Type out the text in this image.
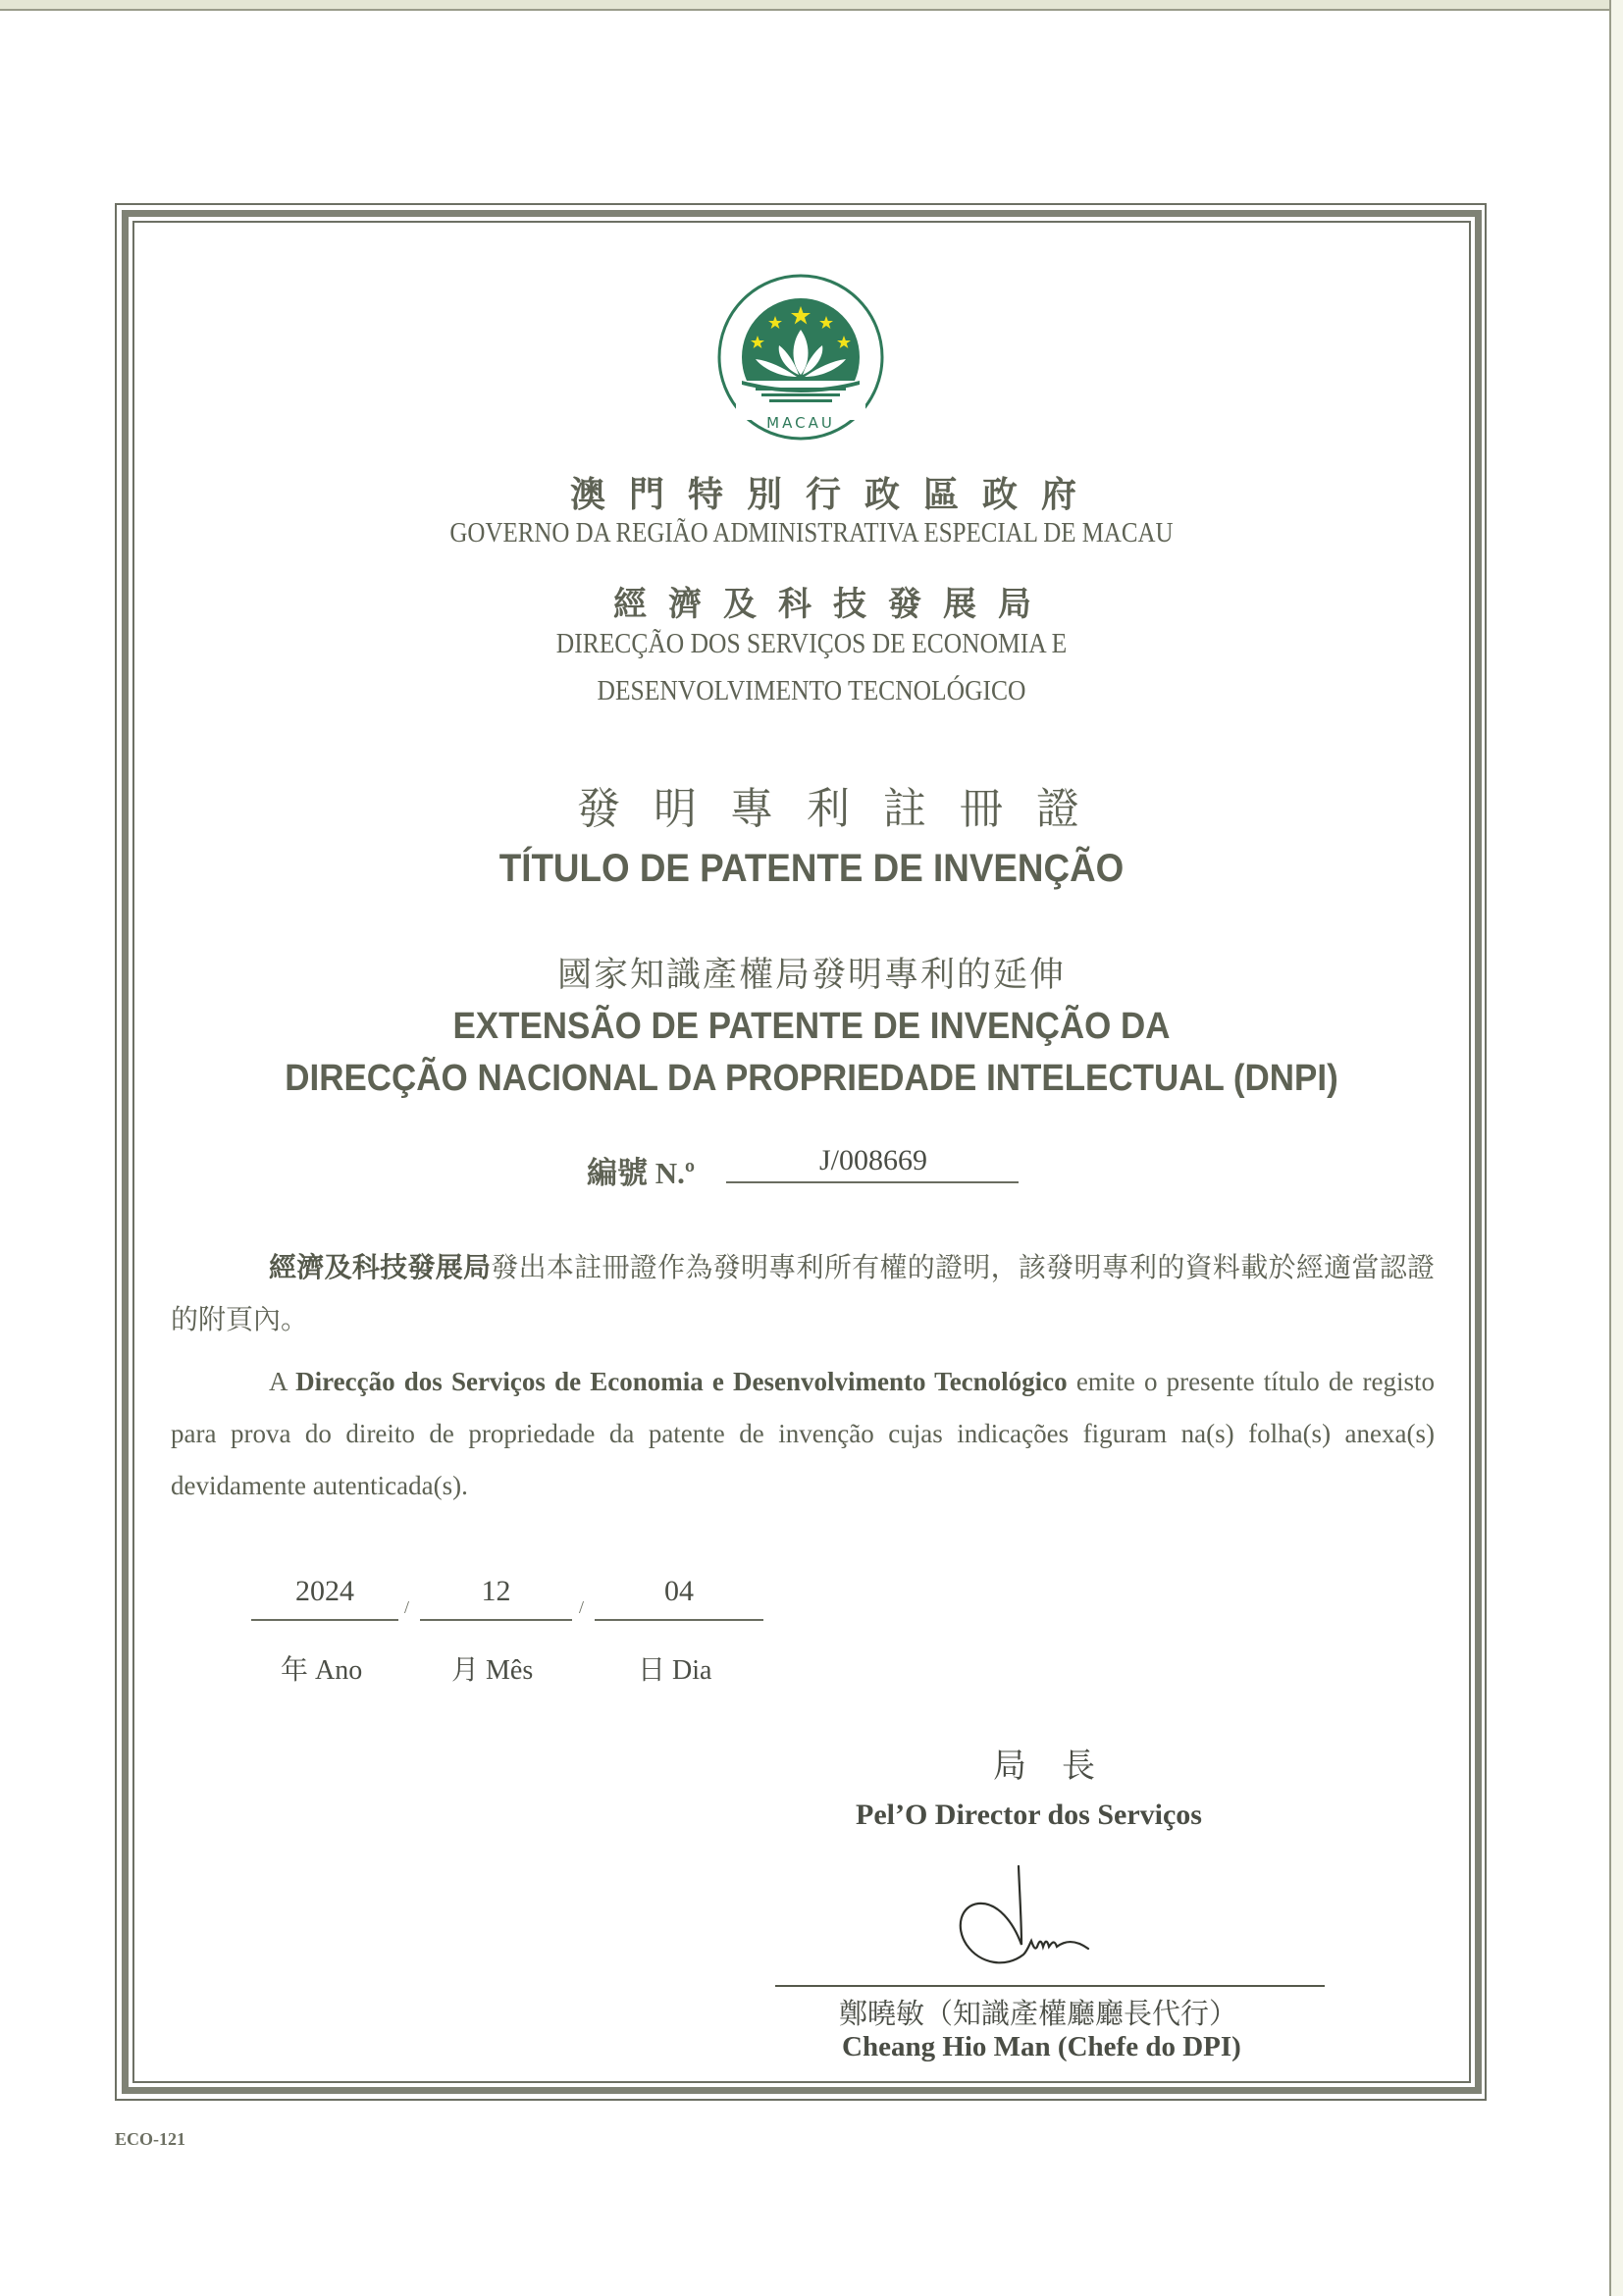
MACAU
澳門特別行政區政府
GOVERNO DA REGIÃO ADMINISTRATIVA ESPECIAL DE MACAU
經濟及科技發展局
DIRECÇÃO DOS SERVIÇOS DE ECONOMIA E
DESENVOLVIMENTO TECNOLÓGICO
發明專利註冊證
TÍTULO DE PATENTE DE INVENÇÃO
國家知識產權局發明專利的延伸
EXTENSÃO DE PATENTE DE INVENÇÃO DA
DIRECÇÃO NACIONAL DA PROPRIEDADE INTELECTUAL (DNPI)
編號 N.º	J/008669
經濟及科技發展局發出本註冊證作為發明專利所有權的證明，該發明專利的資料載於經適當認證的附頁內。
A Direcção dos Serviços de Economia e Desenvolvimento Tecnológico emite o presente título de registo para prova do direito de propriedade da patente de invenção cujas indicações figuram na(s) folha(s) anexa(s) devidamente autenticada(s).
2024	/	12	/	04
年 Ano	月 Mês	日 Dia
局長
Pel’O Director dos Serviços
鄭曉敏（知識產權廳廳長代行）
Cheang Hio Man (Chefe do DPI)
ECO-121
